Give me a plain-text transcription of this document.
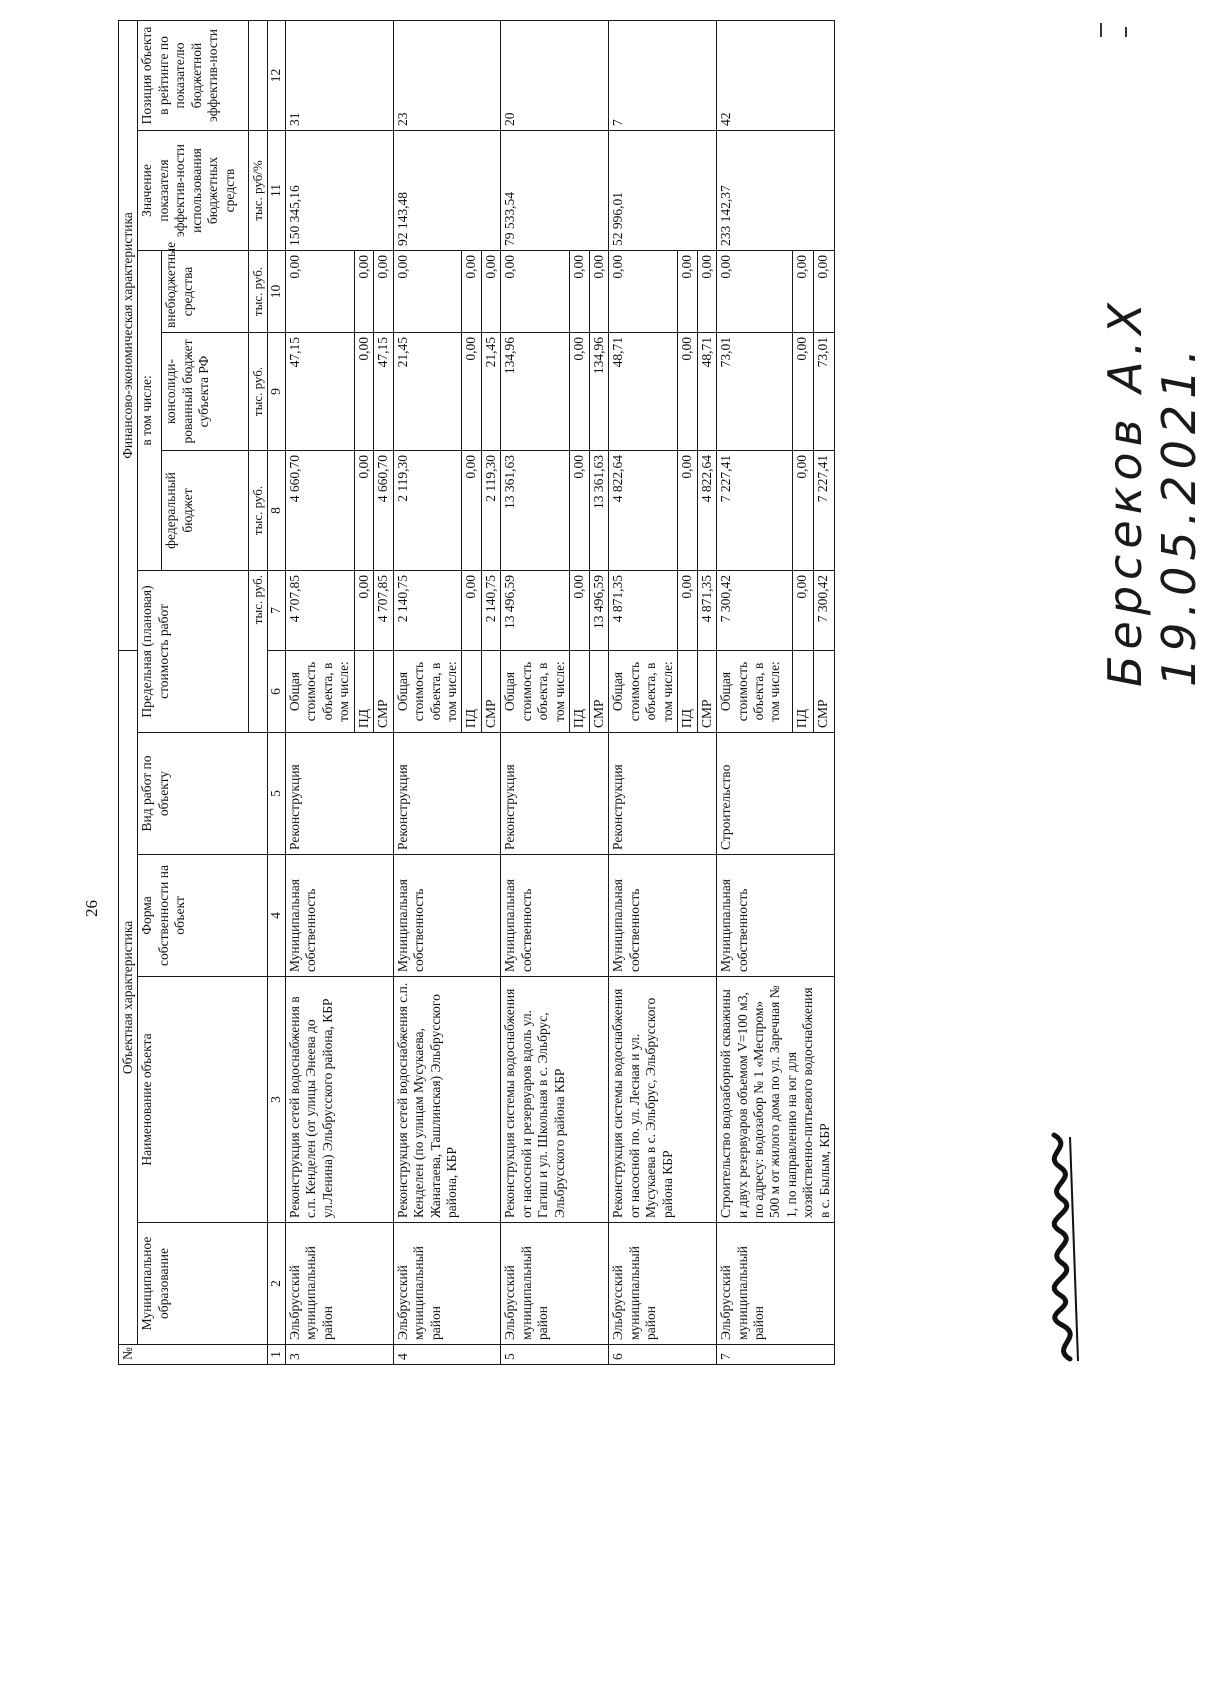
26
№	Объектная характеристика					Финансово-экономическая характеристика					
	Муниципальное образование	Наименование объекта	Форма собственности на объект	Вид работ по объекту	Предельная (плановая) стоимость работ		в том числе:			Значение показателя эффектив-ности использования бюджетных средств	Позиция объекта в рейтинге по показателю бюджетной эффектив-ности
							федеральный бюджет	консолиди-рованный бюджет субъекта РФ	внебюджетные средства		
					тыс. руб.		тыс. руб.	тыс. руб.	тыс. руб.	тыс. руб/%	
1	2	3	4	5	6	7	8	9	10	11	12
3	Эльбрусский муниципальный район	Реконструкция сетей водоснабжения в с.п. Кенделен (от улицы Энеева до ул.Ленина) Эльбрусского района, КБР	Муниципальная собственность	Реконструкция	Общая стоимость объекта, в том числе:	4 707,85	4 660,70	47,15	0,00	150 345,16	31
					ПД	0,00	0,00	0,00	0,00		
					СМР	4 707,85	4 660,70	47,15	0,00		
4	Эльбрусский муниципальный район	Реконструкция сетей водоснабжения с.п. Кенделен (по улицам Мусукаева, Жанатаева, Ташлинская) Эльбрусского района, КБР	Муниципальная собственность	Реконструкция	Общая стоимость объекта, в том числе:	2 140,75	2 119,30	21,45	0,00	92 143,48	23
					ПД	0,00	0,00	0,00	0,00		
					СМР	2 140,75	2 119,30	21,45	0,00		
5	Эльбрусский муниципальный район	Реконструкция системы водоснабжения от насосной и резервуаров вдоль ул. Гагиш и ул. Школьная в с. Эльбрус, Эльбрусского района КБР	Муниципальная собственность	Реконструкция	Общая стоимость объекта, в том числе:	13 496,59	13 361,63	134,96	0,00	79 533,54	20
					ПД	0,00	0,00	0,00	0,00		
					СМР	13 496,59	13 361,63	134,96	0,00		
6	Эльбрусский муниципальный район	Реконструкция системы водоснабжения от насосной по. ул. Лесная и ул. Мусукаева в с. Эльбрус, Эльбрусского района КБР	Муниципальная собственность	Реконструкция	Общая стоимость объекта, в том числе:	4 871,35	4 822,64	48,71	0,00	52 996,01	7
					ПД	0,00	0,00	0,00	0,00		
					СМР	4 871,35	4 822,64	48,71	0,00		
7	Эльбрусский муниципальный район	Строительство водозаборной скважины и двух резервуаров объемом V=100 м3, по адресу: водозабор № 1 «Меспром» 500 м от жилого дома по ул. Заречная № 1, по направлению на юг для хозяйственно-питьевого водоснабжения в с. Былым, КБР	Муниципальная собственность	Строительство	Общая стоимость объекта, в том числе:	7 300,42	7 227,41	73,01	0,00	233 142,37	42
					ПД	0,00	0,00	0,00	0,00		
					СМР	7 300,42	7 227,41	73,01	0,00		
Берсеков А.Х 19.05.2021.
